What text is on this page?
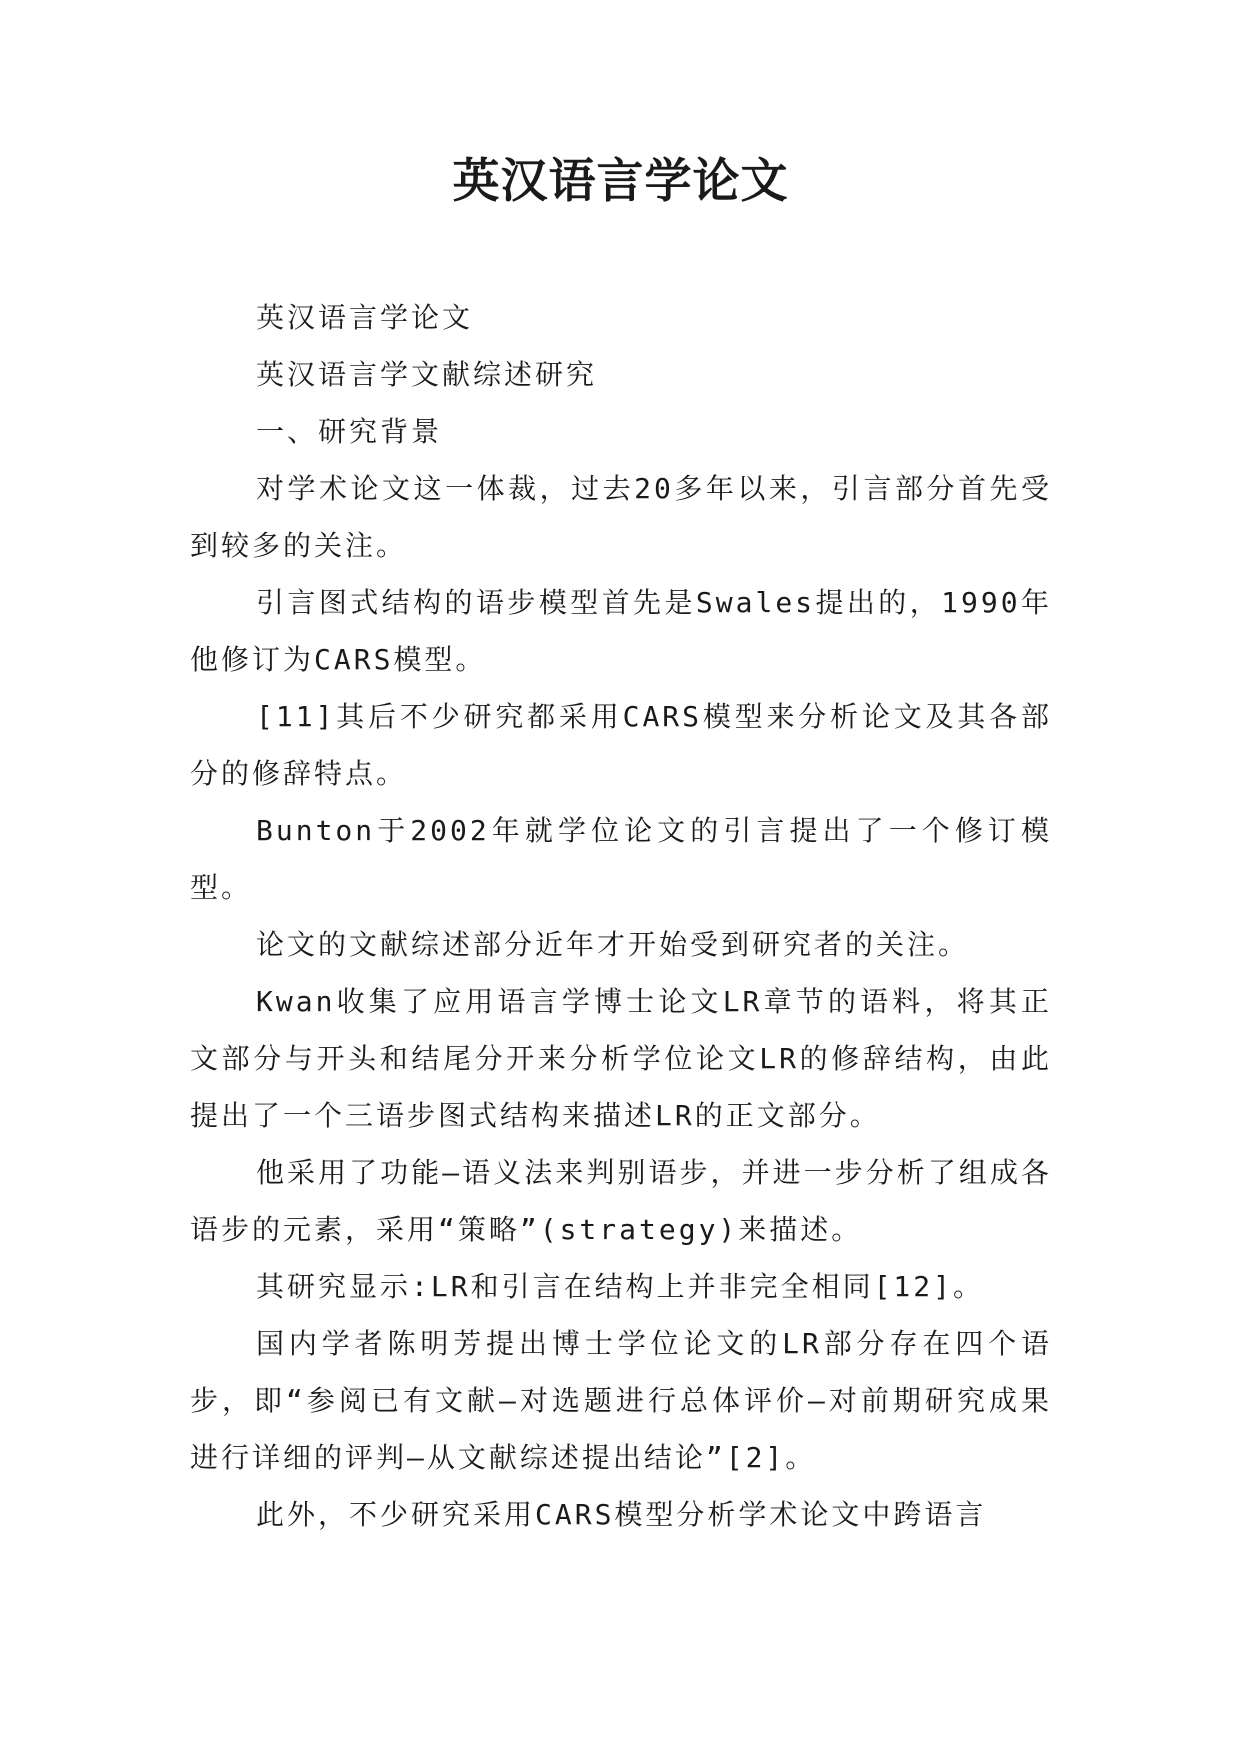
英汉语言学论文

英汉语言学论文

英汉语言学文献综述研究

一、研究背景

对学术论文这一体裁，过去20多年以来，引言部分首先受到较多的关注。

引言图式结构的语步模型首先是Swales提出的，1990年他修订为CARS模型。

[11]其后不少研究都采用CARS模型来分析论文及其各部分的修辞特点。

Bunton于2002年就学位论文的引言提出了一个修订模型。

论文的文献综述部分近年才开始受到研究者的关注。

Kwan收集了应用语言学博士论文LR章节的语料，将其正文部分与开头和结尾分开来分析学位论文LR的修辞结构，由此提出了一个三语步图式结构来描述LR的正文部分。

他采用了功能—语义法来判别语步，并进一步分析了组成各语步的元素，采用“策略”(strategy)来描述。

其研究显示:LR和引言在结构上并非完全相同[12]。

国内学者陈明芳提出博士学位论文的LR部分存在四个语步，即“参阅已有文献—对选题进行总体评价—对前期研究成果进行详细的评判—从文献综述提出结论”[2]。

此外，不少研究采用CARS模型分析学术论文中跨语言
